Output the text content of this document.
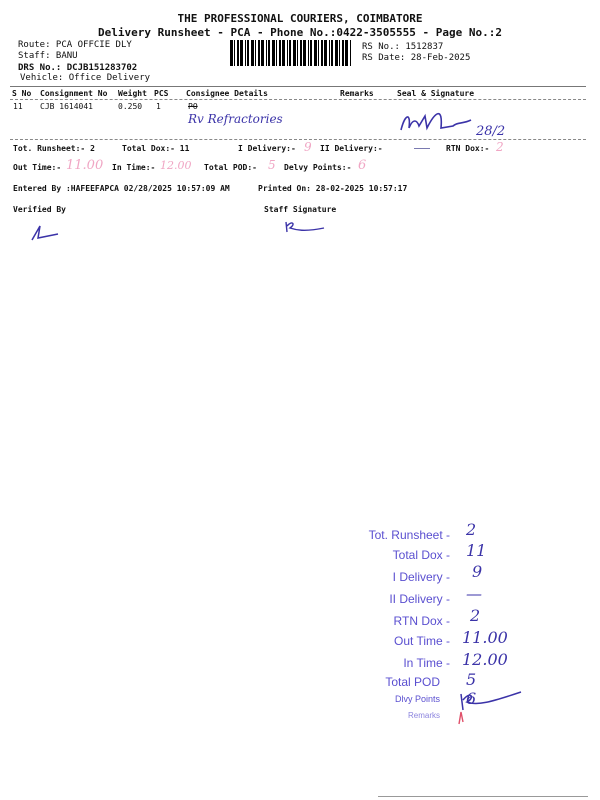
THE PROFESSIONAL COURIERS, COIMBATORE
Delivery Runsheet - PCA - Phone No.:0422-3505555 - Page No.:2
Route: PCA OFFCIE DLY
Staff: BANU
DRS No.: DCJB151283702
Vehicle: Office Delivery
RS No.: 1512837
RS Date: 28-Feb-2025
S No Consignment No Weight PCS Consignee Details	Remarks	Seal & Signature
11 CJB 1614041	0.250 1	PO
Rv Refractories
28/2
Tot. Runsheet:- 2	Total Dox:- 11	I Delivery:- 9 II Delivery:-	RTN Dox:- 2
Out Time:- 11.00 In Time:- 12.00 Total POD:- 5 Delvy Points:- 6
Entered By :HAFEEFAPCA 02/28/2025 10:57:09 AM	Printed On: 28-02-2025 10:57:17
Verified By	Staff Signature
Tot. Runsheet - 2
Total Dox - 11
I Delivery - 9
II Delivery - —
RTN Dox - 2
Out Time - 11.00
In Time - 12.00
Total POD 5
Dlvy Points 6
Remarks
